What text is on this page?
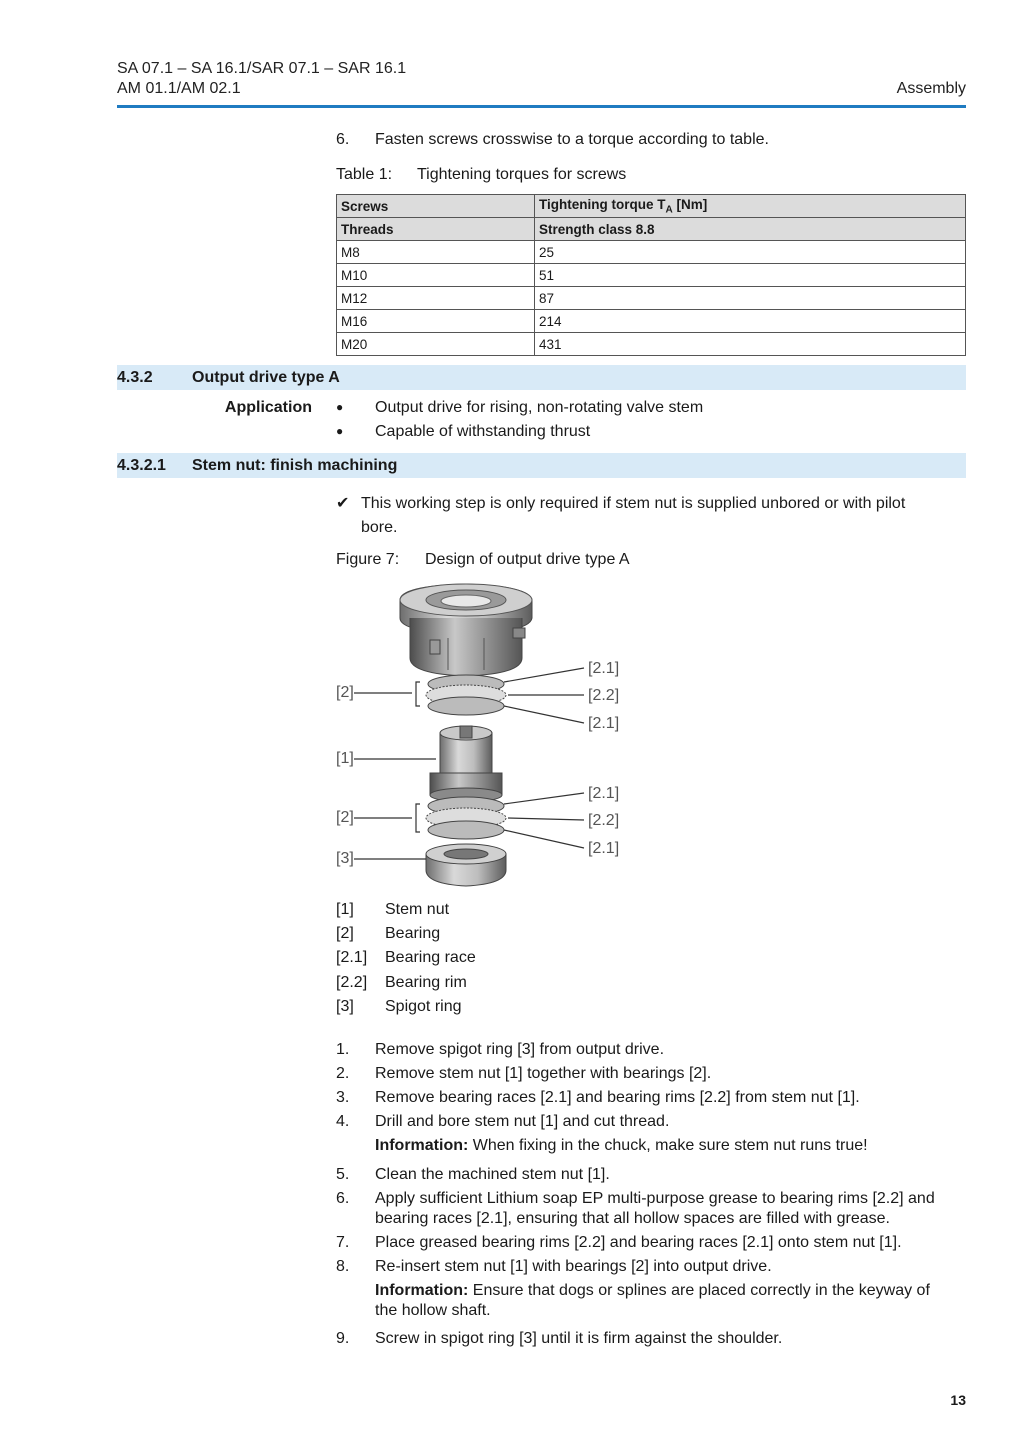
SA 07.1 – SA 16.1/SAR 07.1 – SAR 16.1
AM 01.1/AM 02.1	Assembly
6. Fasten screws crosswise to a torque according to table.
Table 1: Tightening torques for screws
Screws	Tightening torque $T_A$ [Nm]
Threads	Strength class 8.8
M8	25
M10	51
M12	87
M16	214
M20	431
4.3.2 Output drive type A
Application ● Output drive for rising, non-rotating valve stem
● Capable of withstanding thrust
4.3.2.1 Stem nut: finish machining
✔ This working step is only required if stem nut is supplied unbored or with pilot
bore.
Figure 7: Design of output drive type A
[2]
[1]
[2]
[3]
[2.1]
[2.2]
[2.1]
[2.1]
[2.2]
[2.1]
[1] Stem nut
[2] Bearing
[2.1] Bearing race
[2.2] Bearing rim
[3] Spigot ring
1. Remove spigot ring [3] from output drive.
2. Remove stem nut [1] together with bearings [2].
3. Remove bearing races [2.1] and bearing rims [2.2] from stem nut [1].
4. Drill and bore stem nut [1] and cut thread.
Information: When fixing in the chuck, make sure stem nut runs true!
5. Clean the machined stem nut [1].
6. Apply sufficient Lithium soap EP multi-purpose grease to bearing rims [2.2] and
bearing races [2.1], ensuring that all hollow spaces are filled with grease.
7. Place greased bearing rims [2.2] and bearing races [2.1] onto stem nut [1].
8. Re-insert stem nut [1] with bearings [2] into output drive.
Information: Ensure that dogs or splines are placed correctly in the keyway of
the hollow shaft.
9. Screw in spigot ring [3] until it is firm against the shoulder.
13
